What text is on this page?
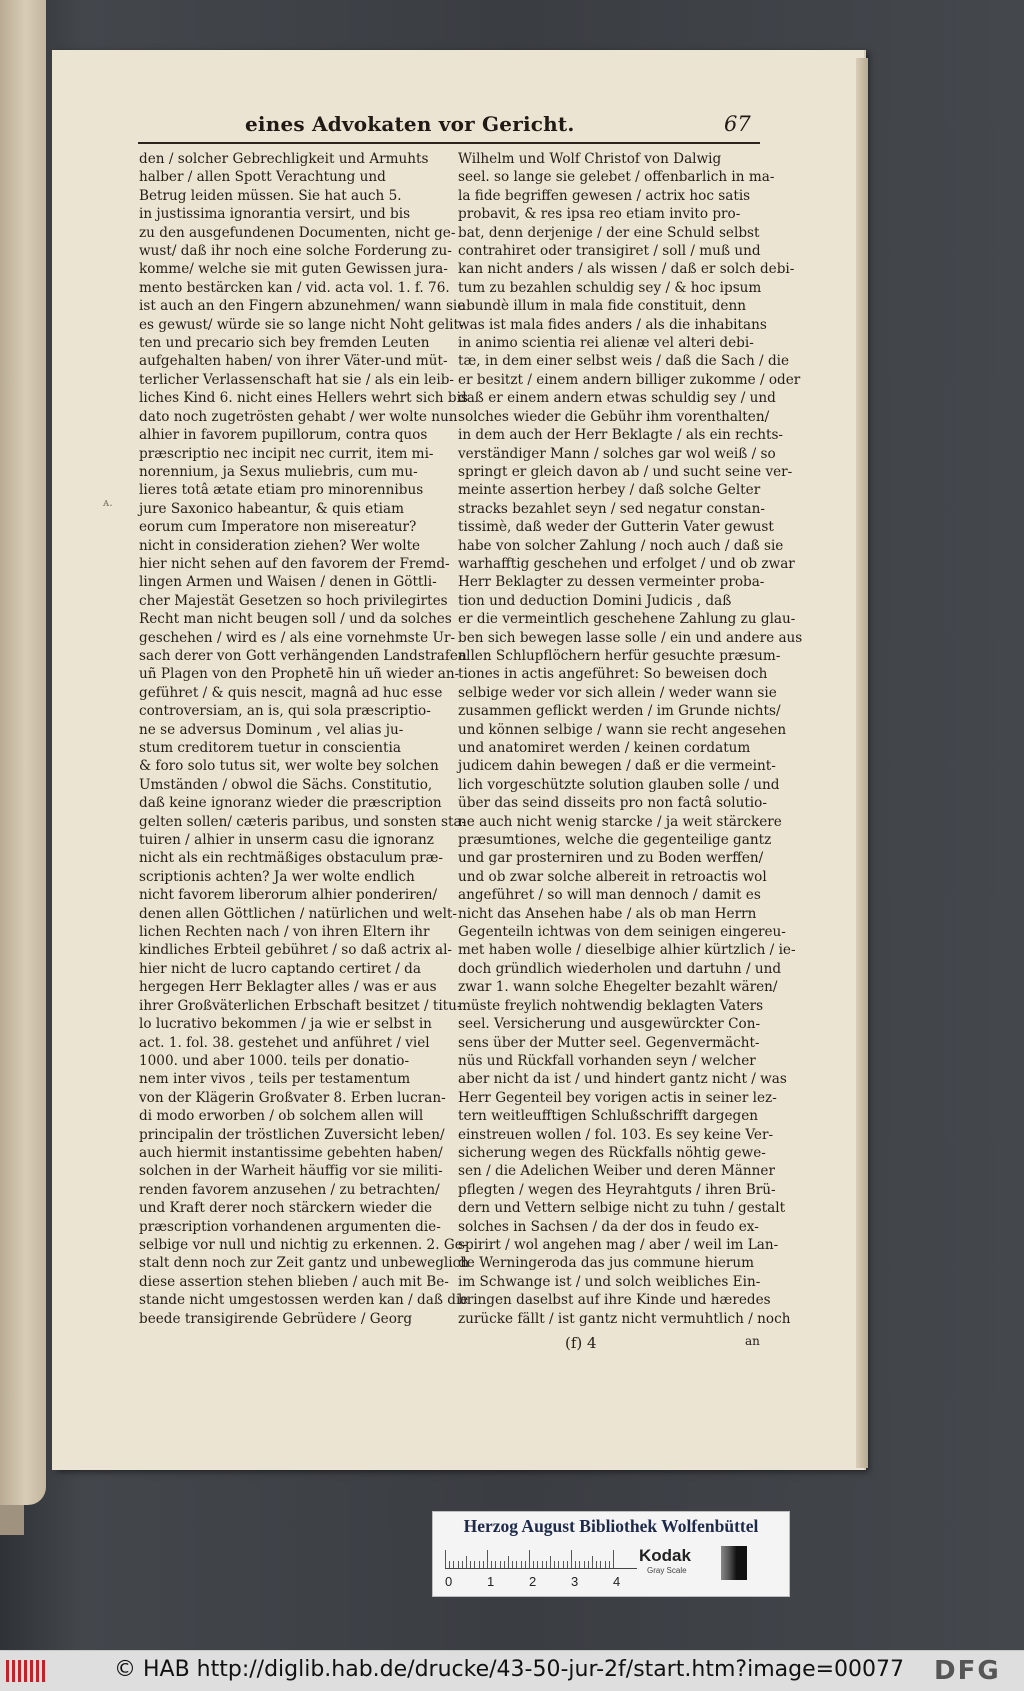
eines Advokaten vor Gericht.	67
ᴀ.
den / solcher Gebrechligkeit und Armuhts
halber / allen Spott Verachtung und
Betrug leiden müssen. Sie hat auch 5.
in justissima ignorantia versirt, und bis
zu den ausgefundenen Documenten, nicht ge-
wust/ daß ihr noch eine solche Forderung zu-
komme/ welche sie mit guten Gewissen jura-
mento bestärcken kan / vid. acta vol. 1. f. 76.
ist auch an den Fingern abzunehmen/ wann sie
es gewust/ würde sie so lange nicht Noht gelit-
ten und precario sich bey fremden Leuten
aufgehalten haben/ von ihrer Väter-und müt-
terlicher Verlassenschaft hat sie / als ein leib-
liches Kind 6. nicht eines Hellers wehrt sich bis
dato noch zugetrösten gehabt / wer wolte nun
alhier in favorem pupillorum, contra quos
præscriptio nec incipit nec currit, item mi-
norennium, ja Sexus muliebris, cum mu-
lieres totâ ætate etiam pro minorennibus
jure Saxonico habeantur, & quis etiam
eorum cum Imperatore non misereatur?
nicht in consideration ziehen? Wer wolte
hier nicht sehen auf den favorem der Fremd-
lingen Armen und Waisen / denen in Göttli-
cher Majestät Gesetzen so hoch privilegirtes
Recht man nicht beugen soll / und da solches
geschehen / wird es / als eine vornehmste Ur-
sach derer von Gott verhängenden Landstrafen
uñ Plagen von den Prophetē hin uñ wieder an-
geführet / & quis nescit, magnâ ad huc esse
controversiam, an is, qui sola præscriptio-
ne se adversus Dominum , vel alias ju-
stum creditorem tuetur in conscientia
& foro solo tutus sit, wer wolte bey solchen
Umständen / obwol die Sächs. Constitutio,
daß keine ignoranz wieder die præscription
gelten sollen/ cæteris paribus, und sonsten sta-
tuiren / alhier in unserm casu die ignoranz
nicht als ein rechtmäßiges obstaculum præ-
scriptionis achten? Ja wer wolte endlich
nicht favorem liberorum alhier ponderiren/
denen allen Göttlichen / natürlichen und welt-
lichen Rechten nach / von ihren Eltern ihr
kindliches Erbteil gebühret / so daß actrix al-
hier nicht de lucro captando certiret / da
hergegen Herr Beklagter alles / was er aus
ihrer Großväterlichen Erbschaft besitzet / titu-
lo lucrativo bekommen / ja wie er selbst in
act. 1. fol. 38. gestehet und anführet / viel
1000. und aber 1000. teils per donatio-
nem inter vivos , teils per testamentum
von der Klägerin Großvater 8. Erben lucran-
di modo erworben / ob solchem allen will
principalin der tröstlichen Zuversicht leben/
auch hiermit instantissime gebehten haben/
solchen in der Warheit häuffig vor sie militi-
renden favorem anzusehen / zu betrachten/
und Kraft derer noch stärckern wieder die
præscription vorhandenen argumenten die-
selbige vor null und nichtig zu erkennen. 2. Ge-
stalt denn noch zur Zeit gantz und unbeweglich
diese assertion stehen blieben / auch mit Be-
stande nicht umgestossen werden kan / daß die
beede transigirende Gebrüdere / Georg
Wilhelm und Wolf Christof von Dalwig
seel. so lange sie gelebet / offenbarlich in ma-
la fide begriffen gewesen / actrix hoc satis
probavit, & res ipsa reo etiam invito pro-
bat, denn derjenige / der eine Schuld selbst
contrahiret oder transigiret / soll / muß und
kan nicht anders / als wissen / daß er solch debi-
tum zu bezahlen schuldig sey / & hoc ipsum
abundè illum in mala fide constituit, denn
was ist mala fides anders / als die inhabitans
in animo scientia rei alienæ vel alteri debi-
tæ, in dem einer selbst weis / daß die Sach / die
er besitzt / einem andern billiger zukomme / oder
daß er einem andern etwas schuldig sey / und
solches wieder die Gebühr ihm vorenthalten/
in dem auch der Herr Beklagte / als ein rechts-
verständiger Mann / solches gar wol weiß / so
springt er gleich davon ab / und sucht seine ver-
meinte assertion herbey / daß solche Gelter
stracks bezahlet seyn / sed negatur constan-
tissimè, daß weder der Gutterin Vater gewust
habe von solcher Zahlung / noch auch / daß sie
warhafftig geschehen und erfolget / und ob zwar
Herr Beklagter zu dessen vermeinter proba-
tion und deduction Domini Judicis , daß
er die vermeintlich geschehene Zahlung zu glau-
ben sich bewegen lasse solle / ein und andere aus
allen Schlupflöchern herfür gesuchte præsum-
tiones in actis angeführet: So beweisen doch
selbige weder vor sich allein / weder wann sie
zusammen geflickt werden / im Grunde nichts/
und können selbige / wann sie recht angesehen
und anatomiret werden / keinen cordatum
judicem dahin bewegen / daß er die vermeint-
lich vorgeschützte solution glauben solle / und
über das seind disseits pro non factâ solutio-
ne auch nicht wenig starcke / ja weit stärckere
præsumtiones, welche die gegenteilige gantz
und gar prosterniren und zu Boden werffen/
und ob zwar solche albereit in retroactis wol
angeführet / so will man dennoch / damit es
nicht das Ansehen habe / als ob man Herrn
Gegenteiln ichtwas von dem seinigen eingereu-
met haben wolle / dieselbige alhier kürtzlich / ie-
doch gründlich wiederholen und dartuhn / und
zwar 1. wann solche Ehegelter bezahlt wären/
müste freylich nohtwendig beklagten Vaters
seel. Versicherung und ausgewürckter Con-
sens über der Mutter seel. Gegenvermächt-
nüs und Rückfall vorhanden seyn / welcher
aber nicht da ist / und hindert gantz nicht / was
Herr Gegenteil bey vorigen actis in seiner lez-
tern weitleufftigen Schlußschrifft dargegen
einstreuen wollen / fol. 103. Es sey keine Ver-
sicherung wegen des Rückfalls nöhtig gewe-
sen / die Adelichen Weiber und deren Männer
pflegten / wegen des Heyrahtguts / ihren Brü-
dern und Vettern selbige nicht zu tuhn / gestalt
solches in Sachsen / da der dos in feudo ex-
spirirt / wol angehen mag / aber / weil im Lan-
de Werningeroda das jus commune hierum
im Schwange ist / und solch weibliches Ein-
bringen daselbst auf ihre Kinde und hæredes
zurücke fällt / ist gantz nicht vermuhtlich / noch
(f) 4	an
Herzog August Bibliothek Wolfenbüttel
0	1	2	3	4
Kodak
Gray Scale
© HAB http://diglib.hab.de/drucke/43-50-jur-2f/start.htm?image=00077 DFG
